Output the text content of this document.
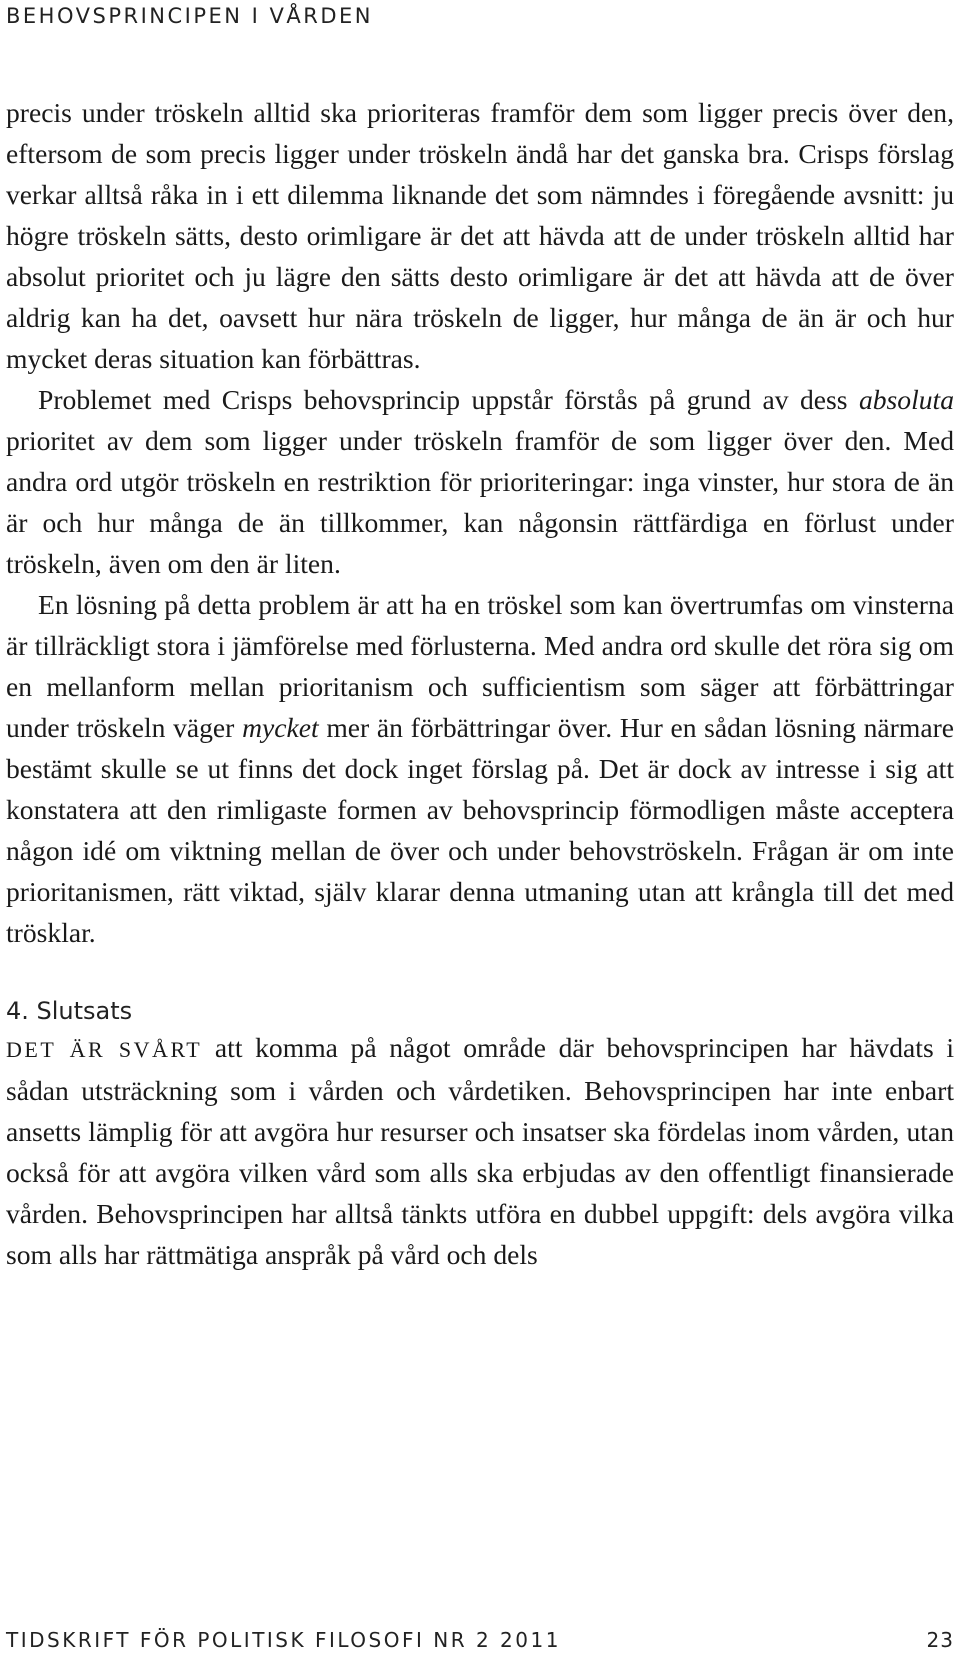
BEHOVSPRINCIPEN I VÅRDEN

precis under tröskeln alltid ska prioriteras framför dem som ligger precis över den, eftersom de som precis ligger under tröskeln ändå har det ganska bra. Crisps förslag verkar alltså råka in i ett dilemma liknande det som nämndes i föregående avsnitt: ju högre tröskeln sätts, desto orimligare är det att hävda att de under tröskeln alltid har absolut prioritet och ju lägre den sätts desto orimligare är det att hävda att de över aldrig kan ha det, oavsett hur nära tröskeln de ligger, hur många de än är och hur mycket deras situation kan förbättras.

Problemet med Crisps behovsprincip uppstår förstås på grund av dess absoluta prioritet av dem som ligger under tröskeln framför de som ligger över den. Med andra ord utgör tröskeln en restriktion för prioriteringar: inga vinster, hur stora de än är och hur många de än tillkommer, kan någonsin rättfärdiga en förlust under tröskeln, även om den är liten.

En lösning på detta problem är att ha en tröskel som kan övertrumfas om vinsterna är tillräckligt stora i jämförelse med förlusterna. Med andra ord skulle det röra sig om en mellanform mellan prioritanism och sufficientism som säger att förbättringar under tröskeln väger mycket mer än förbättringar över. Hur en sådan lösning närmare bestämt skulle se ut finns det dock inget förslag på. Det är dock av intresse i sig att konstatera att den rimligaste formen av behovsprincip förmodligen måste acceptera någon idé om viktning mellan de över och under behovströskeln. Frågan är om inte prioritanismen, rätt viktad, själv klarar denna utmaning utan att krångla till det med trösklar.

4. Slutsats

DET ÄR SVÅRT att komma på något område där behovsprincipen har hävdats i sådan utsträckning som i vården och vårdetiken. Behovsprincipen har inte enbart ansetts lämplig för att avgöra hur resurser och insatser ska fördelas inom vården, utan också för att avgöra vilken vård som alls ska erbjudas av den offentligt finansierade vården. Behovsprincipen har alltså tänkts utföra en dubbel uppgift: dels avgöra vilka som alls har rättmätiga anspråk på vård och dels

TIDSKRIFT FÖR POLITISK FILOSOFI NR 2 2011	23
